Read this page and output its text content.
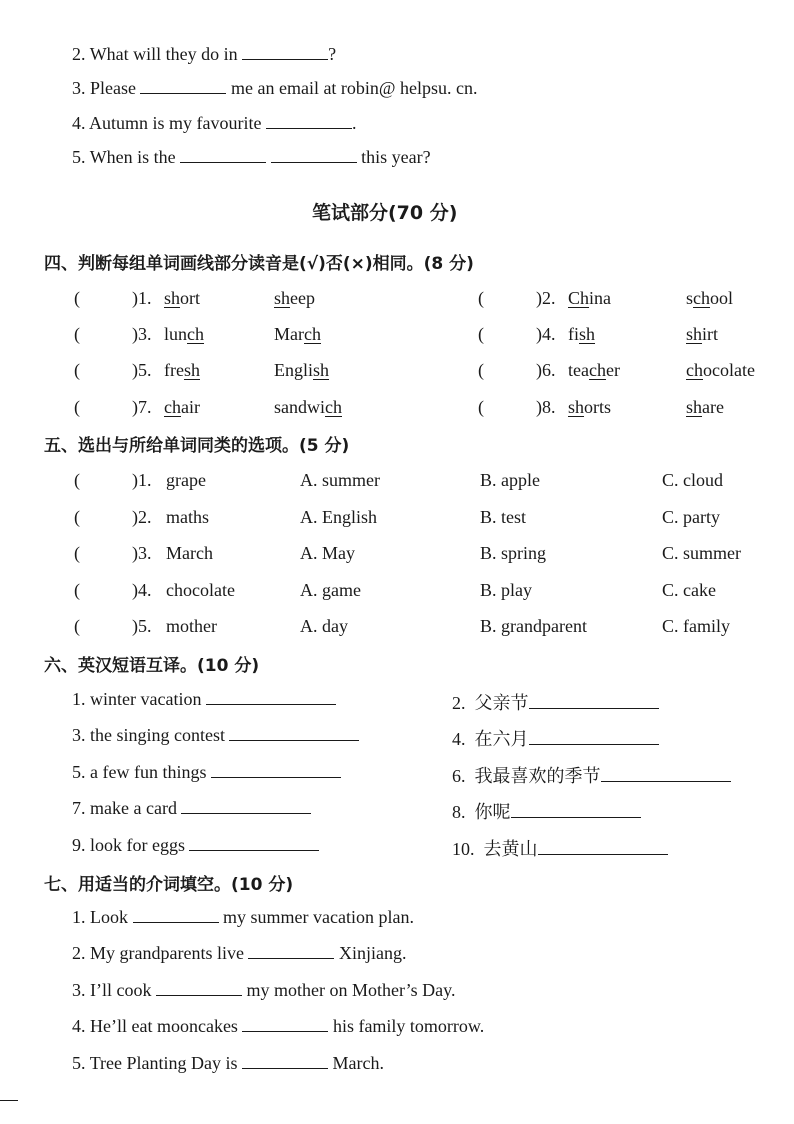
2. What will they do in	?
3. Please	me an email at robin@ helpsu. cn.
4. Autumn is my favourite	.
5. When is the	this year?
笔试部分(70 分)
四、判断每组单词画线部分读音是(√)否(×)相同。(8 分)
(	)1. short	sheep	(	)2. China	school
(	)3. lunch	March	(	)4. fish	shirt
(	)5. fresh	English	(	)6. teacher	chocolate
(	)7. chair	sandwich	(	)8. shorts	share
五、选出与所给单词同类的选项。(5 分)
(	)1. grape	A. summer	B. apple	C. cloud
(	)2. maths	A. English	B. test	C. party
(	)3. March	A. May	B. spring	C. summer
(	)4. chocolate	A. game	B. play	C. cake
(	)5. mother	A. day	B. grandparent	C. family
六、英汉短语互译。(10 分)
1. winter vacation
3. the singing contest
5. a few fun things
7. make a card
9. look for eggs
2.  父亲节
4.  在六月
6.  我最喜欢的季节
8.  你呢
10.  去黄山
七、用适当的介词填空。(10 分)
1. Look	my summer vacation plan.
2. My grandparents live	Xinjiang.
3. I’ll cook	my mother on Mother’s Day.
4. He’ll eat mooncakes	his family tomorrow.
5. Tree Planting Day is	March.
